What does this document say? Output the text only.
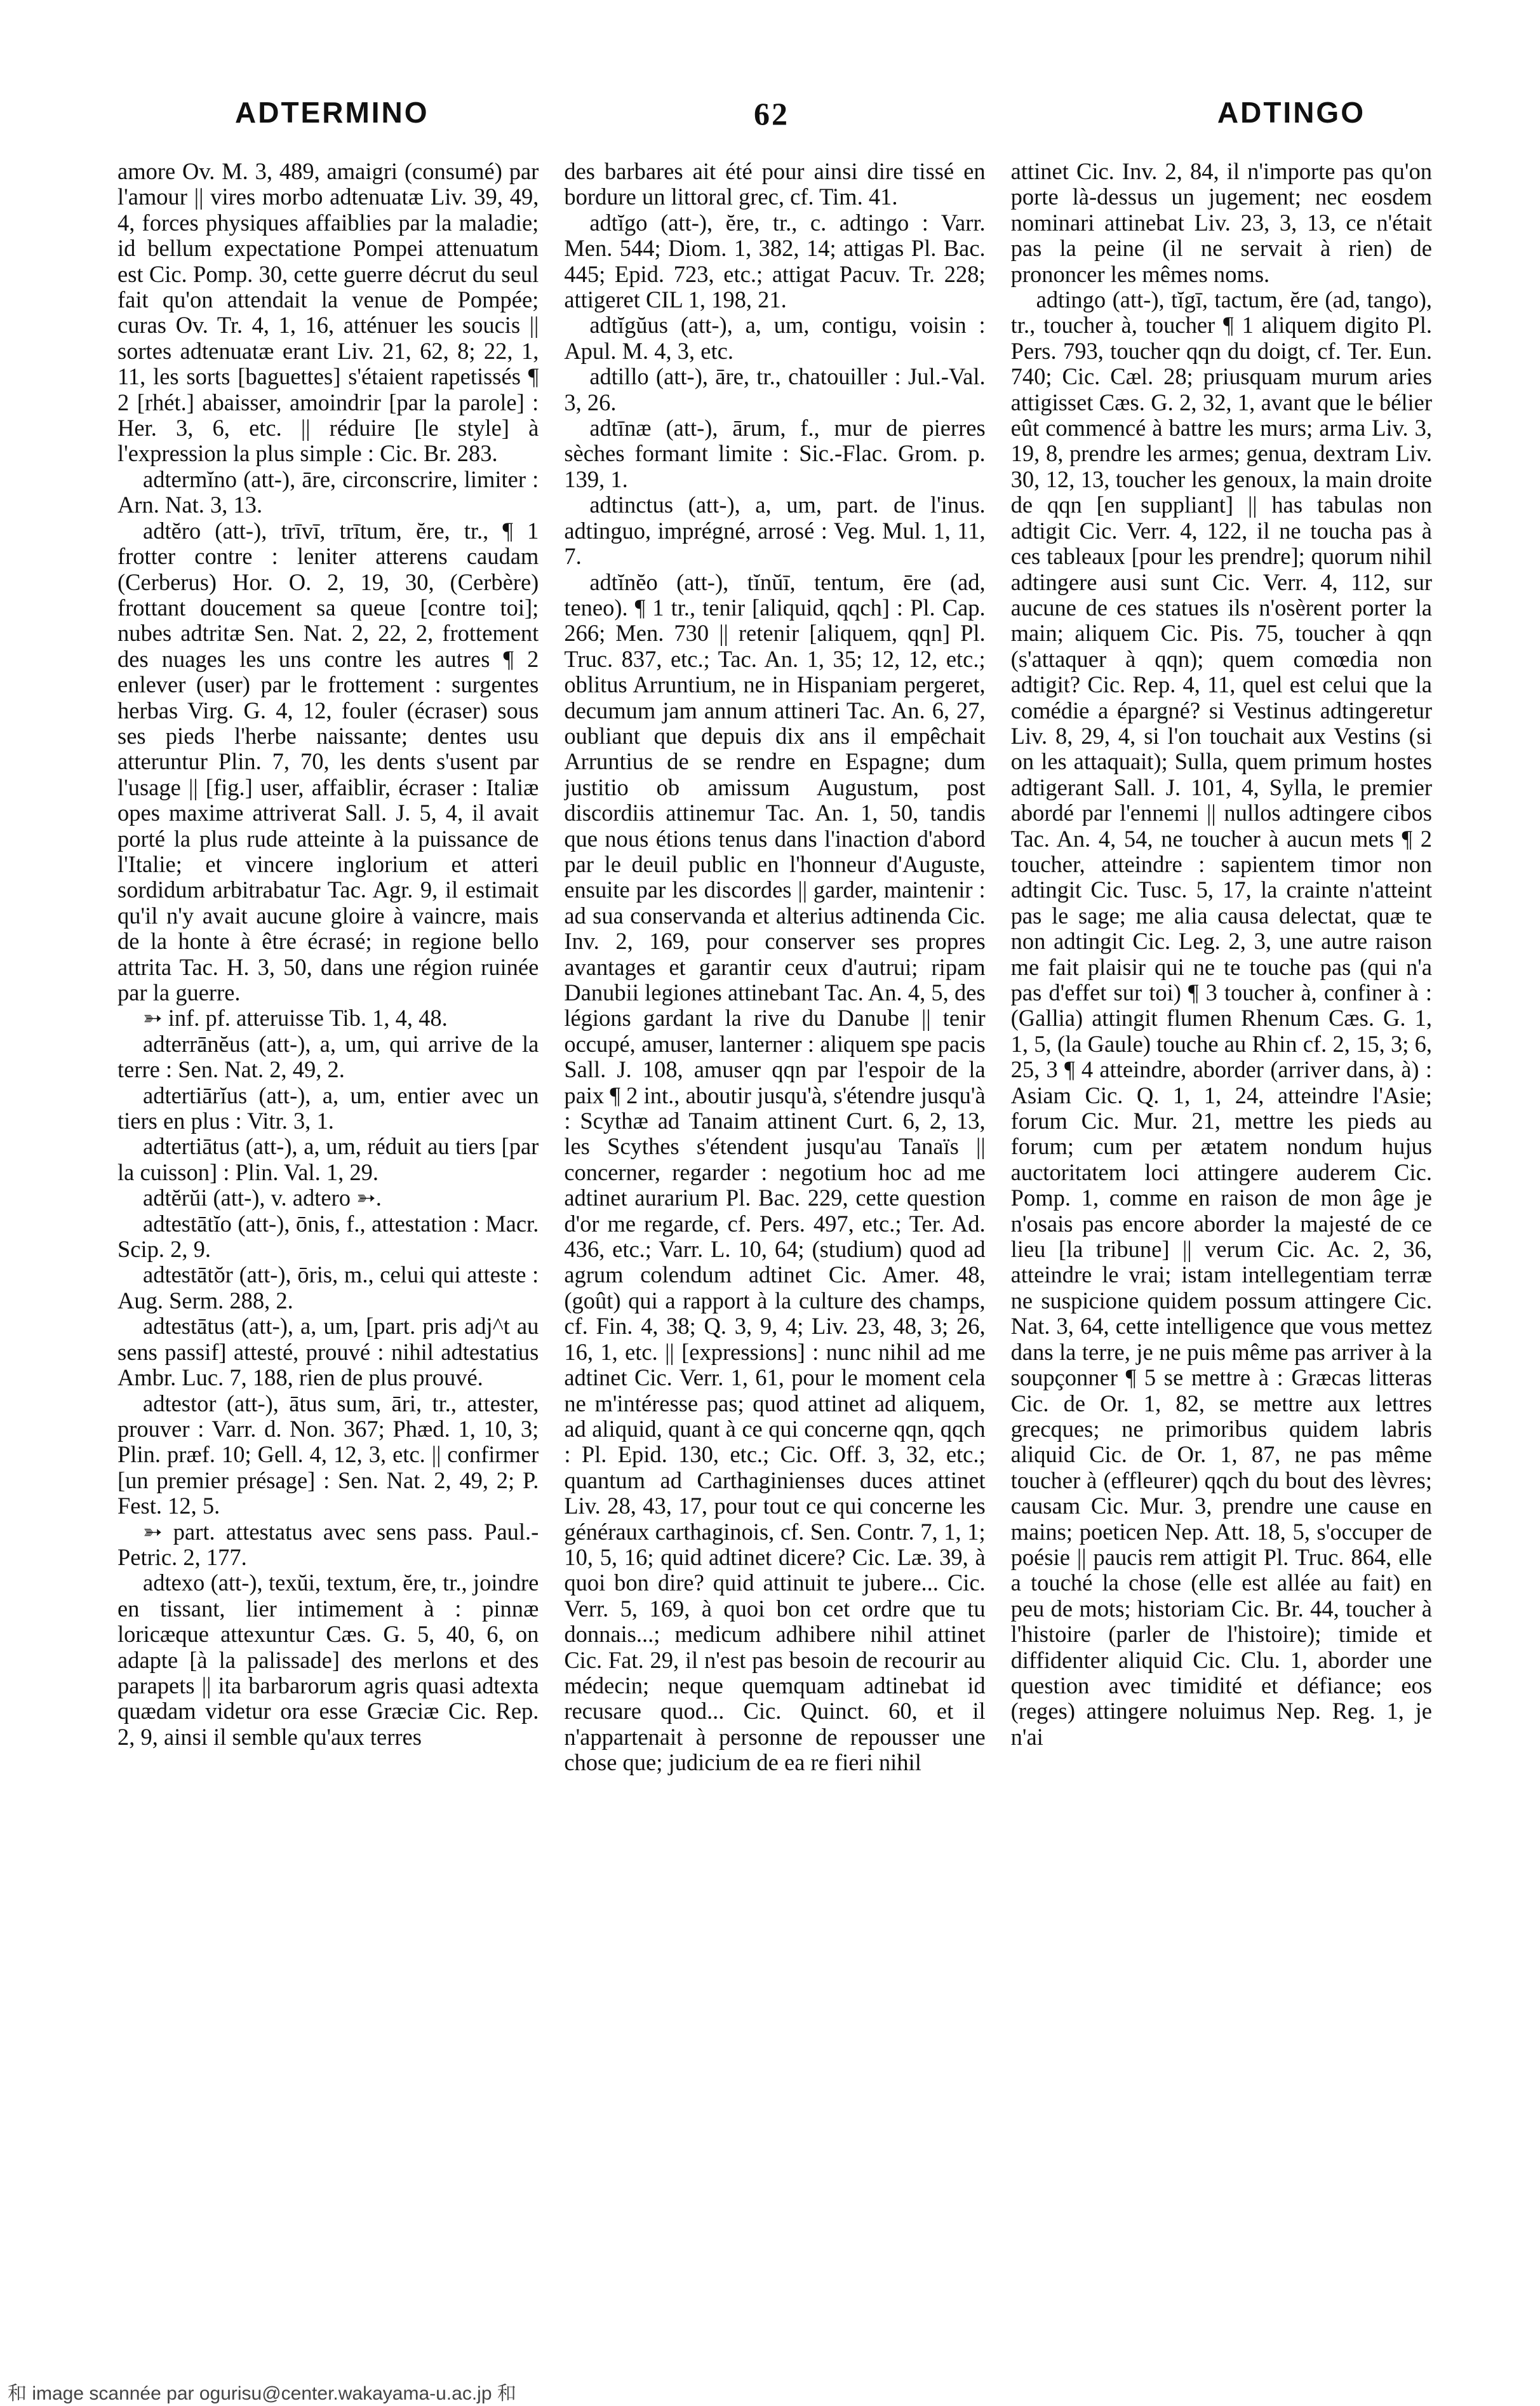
ADTERMINO	62	ADTINGO

amore Ov. M. 3, 489, amaigri (consumé) par l'amour || vires morbo adtenuatæ Liv. 39, 49, 4, forces physiques affaiblies par la maladie; id bellum expectatione Pompei attenuatum est Cic. Pomp. 30, cette guerre décrut du seul fait qu'on attendait la venue de Pompée; curas Ov. Tr. 4, 1, 16, atténuer les soucis || sortes adtenuatæ erant Liv. 21, 62, 8; 22, 1, 11, les sorts [baguettes] s'étaient rapetissés ¶ 2 [rhét.] abaisser, amoindrir [par la parole] : Her. 3, 6, etc. || réduire [le style] à l'expression la plus simple : Cic. Br. 283.

adtermĭno (att-), āre, circonscrire, limiter : Arn. Nat. 3, 13.

adtĕro (att-), trīvī, trītum, ĕre, tr., ¶ 1 frotter contre : leniter atterens caudam (Cerberus) Hor. O. 2, 19, 30, (Cerbère) frottant doucement sa queue [contre toi]; nubes adtritæ Sen. Nat. 2, 22, 2, frottement des nuages les uns contre les autres ¶ 2 enlever (user) par le frottement : surgentes herbas Virg. G. 4, 12, fouler (écraser) sous ses pieds l'herbe naissante; dentes usu atteruntur Plin. 7, 70, les dents s'usent par l'usage || [fig.] user, affaiblir, écraser : Italiæ opes maxime attriverat Sall. J. 5, 4, il avait porté la plus rude atteinte à la puissance de l'Italie; et vincere inglorium et atteri sordidum arbitrabatur Tac. Agr. 9, il estimait qu'il n'y avait aucune gloire à vaincre, mais de la honte à être écrasé; in regione bello attrita Tac. H. 3, 50, dans une région ruinée par la guerre.

➳ inf. pf. atteruisse Tib. 1, 4, 48.

adterrānĕus (att-), a, um, qui arrive de la terre : Sen. Nat. 2, 49, 2.

adtertiārĭus (att-), a, um, entier avec un tiers en plus : Vitr. 3, 1.

adtertiātus (att-), a, um, réduit au tiers [par la cuisson] : Plin. Val. 1, 29.

adtĕrŭi (att-), v. adtero ➳.

adtestātĭo (att-), ōnis, f., attestation : Macr. Scip. 2, 9.

adtestātŏr (att-), ōris, m., celui qui atteste : Aug. Serm. 288, 2.

adtestātus (att-), a, um, [part. pris adj^t au sens passif] attesté, prouvé : nihil adtestatius Ambr. Luc. 7, 188, rien de plus prouvé.

adtestor (att-), ātus sum, āri, tr., attester, prouver : Varr. d. Non. 367; Phæd. 1, 10, 3; Plin. præf. 10; Gell. 4, 12, 3, etc. || confirmer [un premier présage] : Sen. Nat. 2, 49, 2; P. Fest. 12, 5.

➳ part. attestatus avec sens pass. Paul.-Petric. 2, 177.

adtexo (att-), texŭi, textum, ĕre, tr., joindre en tissant, lier intimement à : pinnæ loricæque attexuntur Cæs. G. 5, 40, 6, on adapte [à la palissade] des merlons et des parapets || ita barbarorum agris quasi adtexta quædam videtur ora esse Græciæ Cic. Rep. 2, 9, ainsi il semble qu'aux terres

des barbares ait été pour ainsi dire tissé en bordure un littoral grec, cf. Tim. 41.

adtĭgo (att-), ĕre, tr., c. adtingo : Varr. Men. 544; Diom. 1, 382, 14; attigas Pl. Bac. 445; Epid. 723, etc.; attigat Pacuv. Tr. 228; attigeret CIL 1, 198, 21.

adtĭgŭus (att-), a, um, contigu, voisin : Apul. M. 4, 3, etc.

adtillo (att-), āre, tr., chatouiller : Jul.-Val. 3, 26.

adtīnæ (att-), ārum, f., mur de pierres sèches formant limite : Sic.-Flac. Grom. p. 139, 1.

adtinctus (att-), a, um, part. de l'inus. adtinguo, imprégné, arrosé : Veg. Mul. 1, 11, 7.

adtĭnĕo (att-), tĭnŭī, tentum, ēre (ad, teneo). ¶ 1 tr., tenir [aliquid, qqch] : Pl. Cap. 266; Men. 730 || retenir [aliquem, qqn] Pl. Truc. 837, etc.; Tac. An. 1, 35; 12, 12, etc.; oblitus Arruntium, ne in Hispaniam pergeret, decumum jam annum attineri Tac. An. 6, 27, oubliant que depuis dix ans il empêchait Arruntius de se rendre en Espagne; dum justitio ob amissum Augustum, post discordiis attinemur Tac. An. 1, 50, tandis que nous étions tenus dans l'inaction d'abord par le deuil public en l'honneur d'Auguste, ensuite par les discordes || garder, maintenir : ad sua conservanda et alterius adtinenda Cic. Inv. 2, 169, pour conserver ses propres avantages et garantir ceux d'autrui; ripam Danubii legiones attinebant Tac. An. 4, 5, des légions gardant la rive du Danube || tenir occupé, amuser, lanterner : aliquem spe pacis Sall. J. 108, amuser qqn par l'espoir de la paix ¶ 2 int., aboutir jusqu'à, s'étendre jusqu'à : Scythæ ad Tanaim attinent Curt. 6, 2, 13, les Scythes s'étendent jusqu'au Tanaïs || concerner, regarder : negotium hoc ad me adtinet aurarium Pl. Bac. 229, cette question d'or me regarde, cf. Pers. 497, etc.; Ter. Ad. 436, etc.; Varr. L. 10, 64; (studium) quod ad agrum colendum adtinet Cic. Amer. 48, (goût) qui a rapport à la culture des champs, cf. Fin. 4, 38; Q. 3, 9, 4; Liv. 23, 48, 3; 26, 16, 1, etc. || [expressions] : nunc nihil ad me adtinet Cic. Verr. 1, 61, pour le moment cela ne m'intéresse pas; quod attinet ad aliquem, ad aliquid, quant à ce qui concerne qqn, qqch : Pl. Epid. 130, etc.; Cic. Off. 3, 32, etc.; quantum ad Carthaginienses duces attinet Liv. 28, 43, 17, pour tout ce qui concerne les généraux carthaginois, cf. Sen. Contr. 7, 1, 1; 10, 5, 16; quid adtinet dicere? Cic. Læ. 39, à quoi bon dire? quid attinuit te jubere... Cic. Verr. 5, 169, à quoi bon cet ordre que tu donnais...; medicum adhibere nihil attinet Cic. Fat. 29, il n'est pas besoin de recourir au médecin; neque quemquam adtinebat id recusare quod... Cic. Quinct. 60, et il n'appartenait à personne de repousser une chose que; judicium de ea re fieri nihil

attinet Cic. Inv. 2, 84, il n'importe pas qu'on porte là-dessus un jugement; nec eosdem nominari attinebat Liv. 23, 3, 13, ce n'était pas la peine (il ne servait à rien) de prononcer les mêmes noms.

adtingo (att-), tĭgī, tactum, ĕre (ad, tango), tr., toucher à, toucher ¶ 1 aliquem digito Pl. Pers. 793, toucher qqn du doigt, cf. Ter. Eun. 740; Cic. Cæl. 28; priusquam murum aries attigisset Cæs. G. 2, 32, 1, avant que le bélier eût commencé à battre les murs; arma Liv. 3, 19, 8, prendre les armes; genua, dextram Liv. 30, 12, 13, toucher les genoux, la main droite de qqn [en suppliant] || has tabulas non adtigit Cic. Verr. 4, 122, il ne toucha pas à ces tableaux [pour les prendre]; quorum nihil adtingere ausi sunt Cic. Verr. 4, 112, sur aucune de ces statues ils n'osèrent porter la main; aliquem Cic. Pis. 75, toucher à qqn (s'attaquer à qqn); quem comœdia non adtigit? Cic. Rep. 4, 11, quel est celui que la comédie a épargné? si Vestinus adtingeretur Liv. 8, 29, 4, si l'on touchait aux Vestins (si on les attaquait); Sulla, quem primum hostes adtigerant Sall. J. 101, 4, Sylla, le premier abordé par l'ennemi || nullos adtingere cibos Tac. An. 4, 54, ne toucher à aucun mets ¶ 2 toucher, atteindre : sapientem timor non adtingit Cic. Tusc. 5, 17, la crainte n'atteint pas le sage; me alia causa delectat, quæ te non adtingit Cic. Leg. 2, 3, une autre raison me fait plaisir qui ne te touche pas (qui n'a pas d'effet sur toi) ¶ 3 toucher à, confiner à : (Gallia) attingit flumen Rhenum Cæs. G. 1, 1, 5, (la Gaule) touche au Rhin cf. 2, 15, 3; 6, 25, 3 ¶ 4 atteindre, aborder (arriver dans, à) : Asiam Cic. Q. 1, 1, 24, atteindre l'Asie; forum Cic. Mur. 21, mettre les pieds au forum; cum per ætatem nondum hujus auctoritatem loci attingere auderem Cic. Pomp. 1, comme en raison de mon âge je n'osais pas encore aborder la majesté de ce lieu [la tribune] || verum Cic. Ac. 2, 36, atteindre le vrai; istam intellegentiam terræ ne suspicione quidem possum attingere Cic. Nat. 3, 64, cette intelligence que vous mettez dans la terre, je ne puis même pas arriver à la soupçonner ¶ 5 se mettre à : Græcas litteras Cic. de Or. 1, 82, se mettre aux lettres grecques; ne primoribus quidem labris aliquid Cic. de Or. 1, 87, ne pas même toucher à (effleurer) qqch du bout des lèvres; causam Cic. Mur. 3, prendre une cause en mains; poeticen Nep. Att. 18, 5, s'occuper de poésie || paucis rem attigit Pl. Truc. 864, elle a touché la chose (elle est allée au fait) en peu de mots; historiam Cic. Br. 44, toucher à l'histoire (parler de l'histoire); timide et diffidenter aliquid Cic. Clu. 1, aborder une question avec timidité et défiance; eos (reges) attingere noluimus Nep. Reg. 1, je n'ai

和 image scannée par ogurisu@center.wakayama-u.ac.jp 和
